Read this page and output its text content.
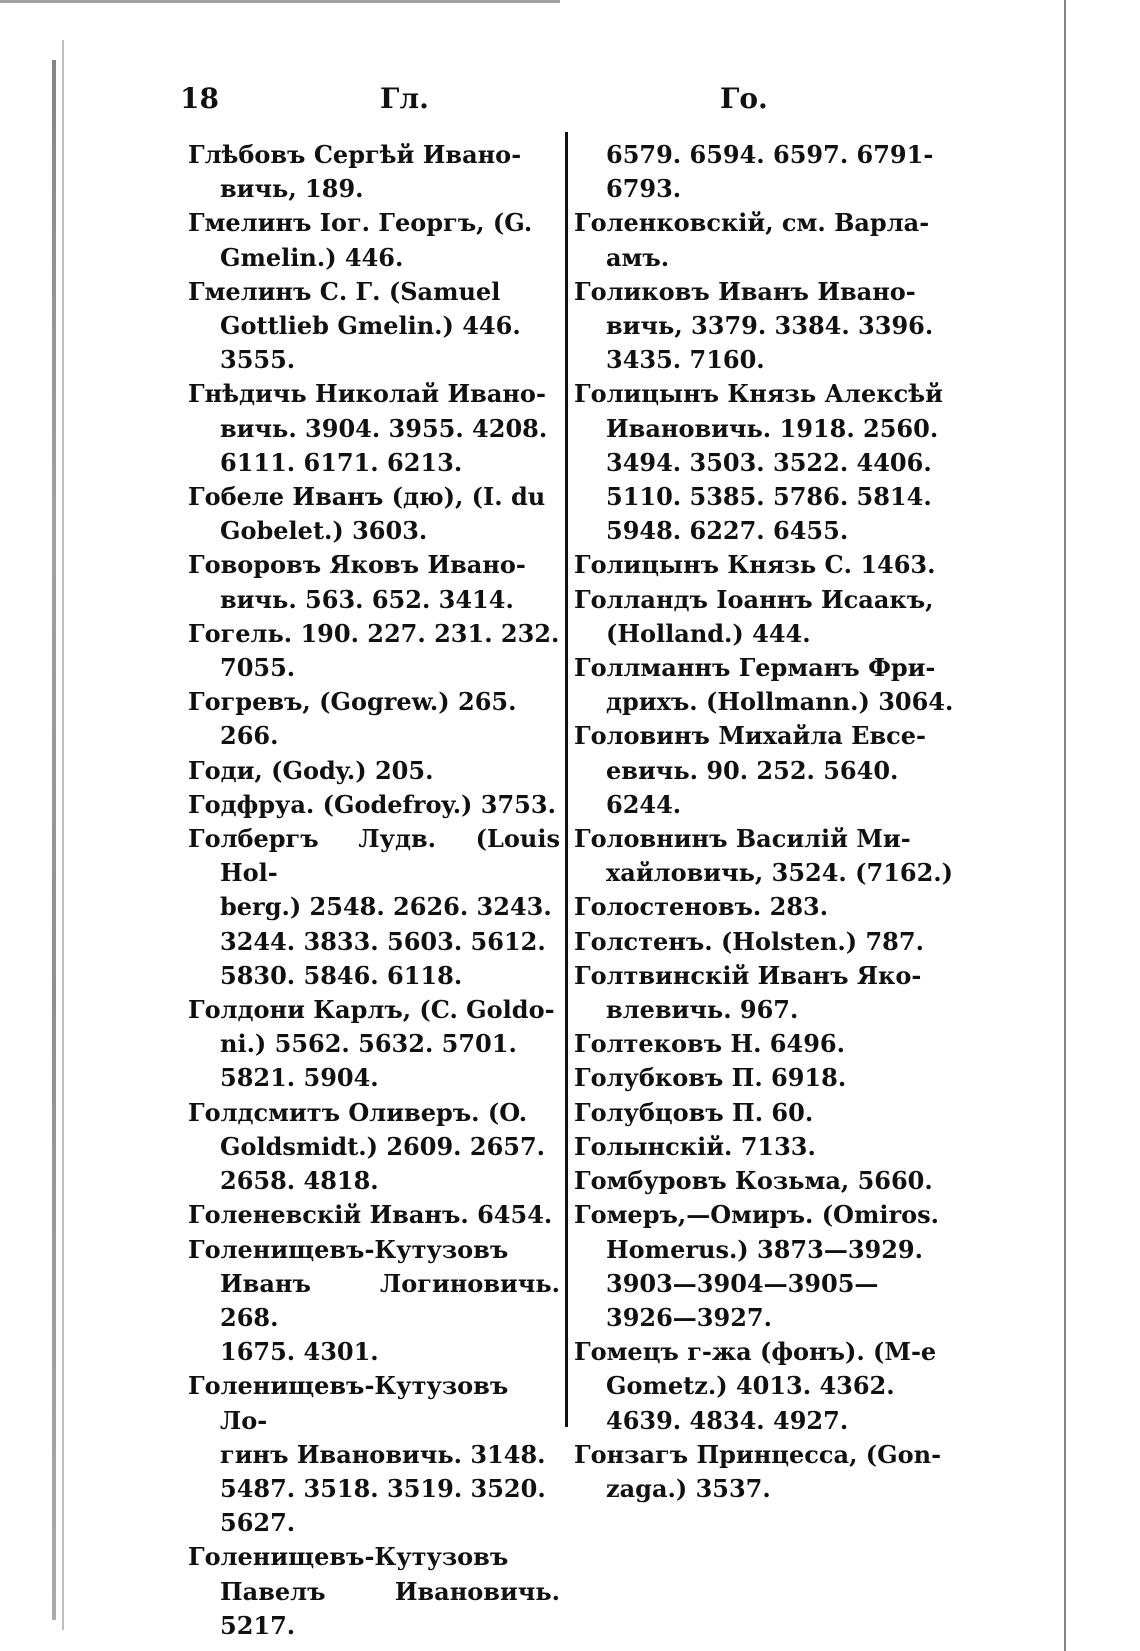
18	Гл.	Го.
Глѣбовъ Сергѣй Ивано-
вичь, 189.
Гмелинъ Іог. Георгъ, (G.
Gmelin.) 446.
Гмелинъ С. Г. (Samuel
Gottlieb Gmelin.) 446.
3555.
Гнѣдичь Николай Ивано-
вичь. 3904. 3955. 4208.
6111. 6171. 6213.
Гобеле Иванъ (дю), (I. du
Gobelet.) 3603.
Говоровъ Яковъ Ивано-
вичь. 563. 652. 3414.
Гогель. 190. 227. 231. 232.
7055.
Гогревъ, (Gogrew.) 265.
266.
Годи, (Gody.) 205.
Годфруа. (Godefroy.) 3753.
Голбергъ Лудв. (Louis Hol-
berg.) 2548. 2626. 3243.
3244. 3833. 5603. 5612.
5830. 5846. 6118.
Голдони Карлъ, (C. Goldo-
ni.) 5562. 5632. 5701.
5821. 5904.
Голдсмитъ Оливеръ. (O.
Goldsmidt.) 2609. 2657.
2658. 4818.
Голеневскій Иванъ. 6454.
Голенищевъ-Кутузовъ
Иванъ Логиновичь. 268.
1675. 4301.
Голенищевъ-Кутузовъ Ло-
гинъ Ивановичь. 3148.
5487. 3518. 3519. 3520.
5627.
Голенищевъ-Кутузовъ
Павелъ Ивановичь. 5217.
6579. 6594. 6597. 6791-
6793.
Голенковскій, см. Варла-
амъ.
Голиковъ Иванъ Ивано-
вичь, 3379. 3384. 3396.
3435. 7160.
Голицынъ Князь Алексѣй
Ивановичь. 1918. 2560.
3494. 3503. 3522. 4406.
5110. 5385. 5786. 5814.
5948. 6227. 6455.
Голицынъ Князь С. 1463.
Голландъ Іоаннъ Исаакъ,
(Holland.) 444.
Голлманнъ Германъ Фри-
дрихъ. (Hollmann.) 3064.
Головинъ Михайла Евсе-
евичь. 90. 252. 5640.
6244.
Головнинъ Василій Ми-
хайловичь, 3524. (7162.)
Голостеновъ. 283.
Голстенъ. (Holsten.) 787.
Голтвинскій Иванъ Яко-
влевичь. 967.
Голтековъ Н. 6496.
Голубковъ П. 6918.
Голубцовъ П. 60.
Голынскій. 7133.
Гомбуровъ Козьма, 5660.
Гомеръ,—Омиръ. (Omiros.
Homerus.) 3873—3929.
3903—3904—3905—
3926—3927.
Гомецъ г-жа (фонъ). (M-e
Gometz.) 4013. 4362.
4639. 4834. 4927.
Гонзагъ Принцесса, (Gon-
zaga.) 3537.
